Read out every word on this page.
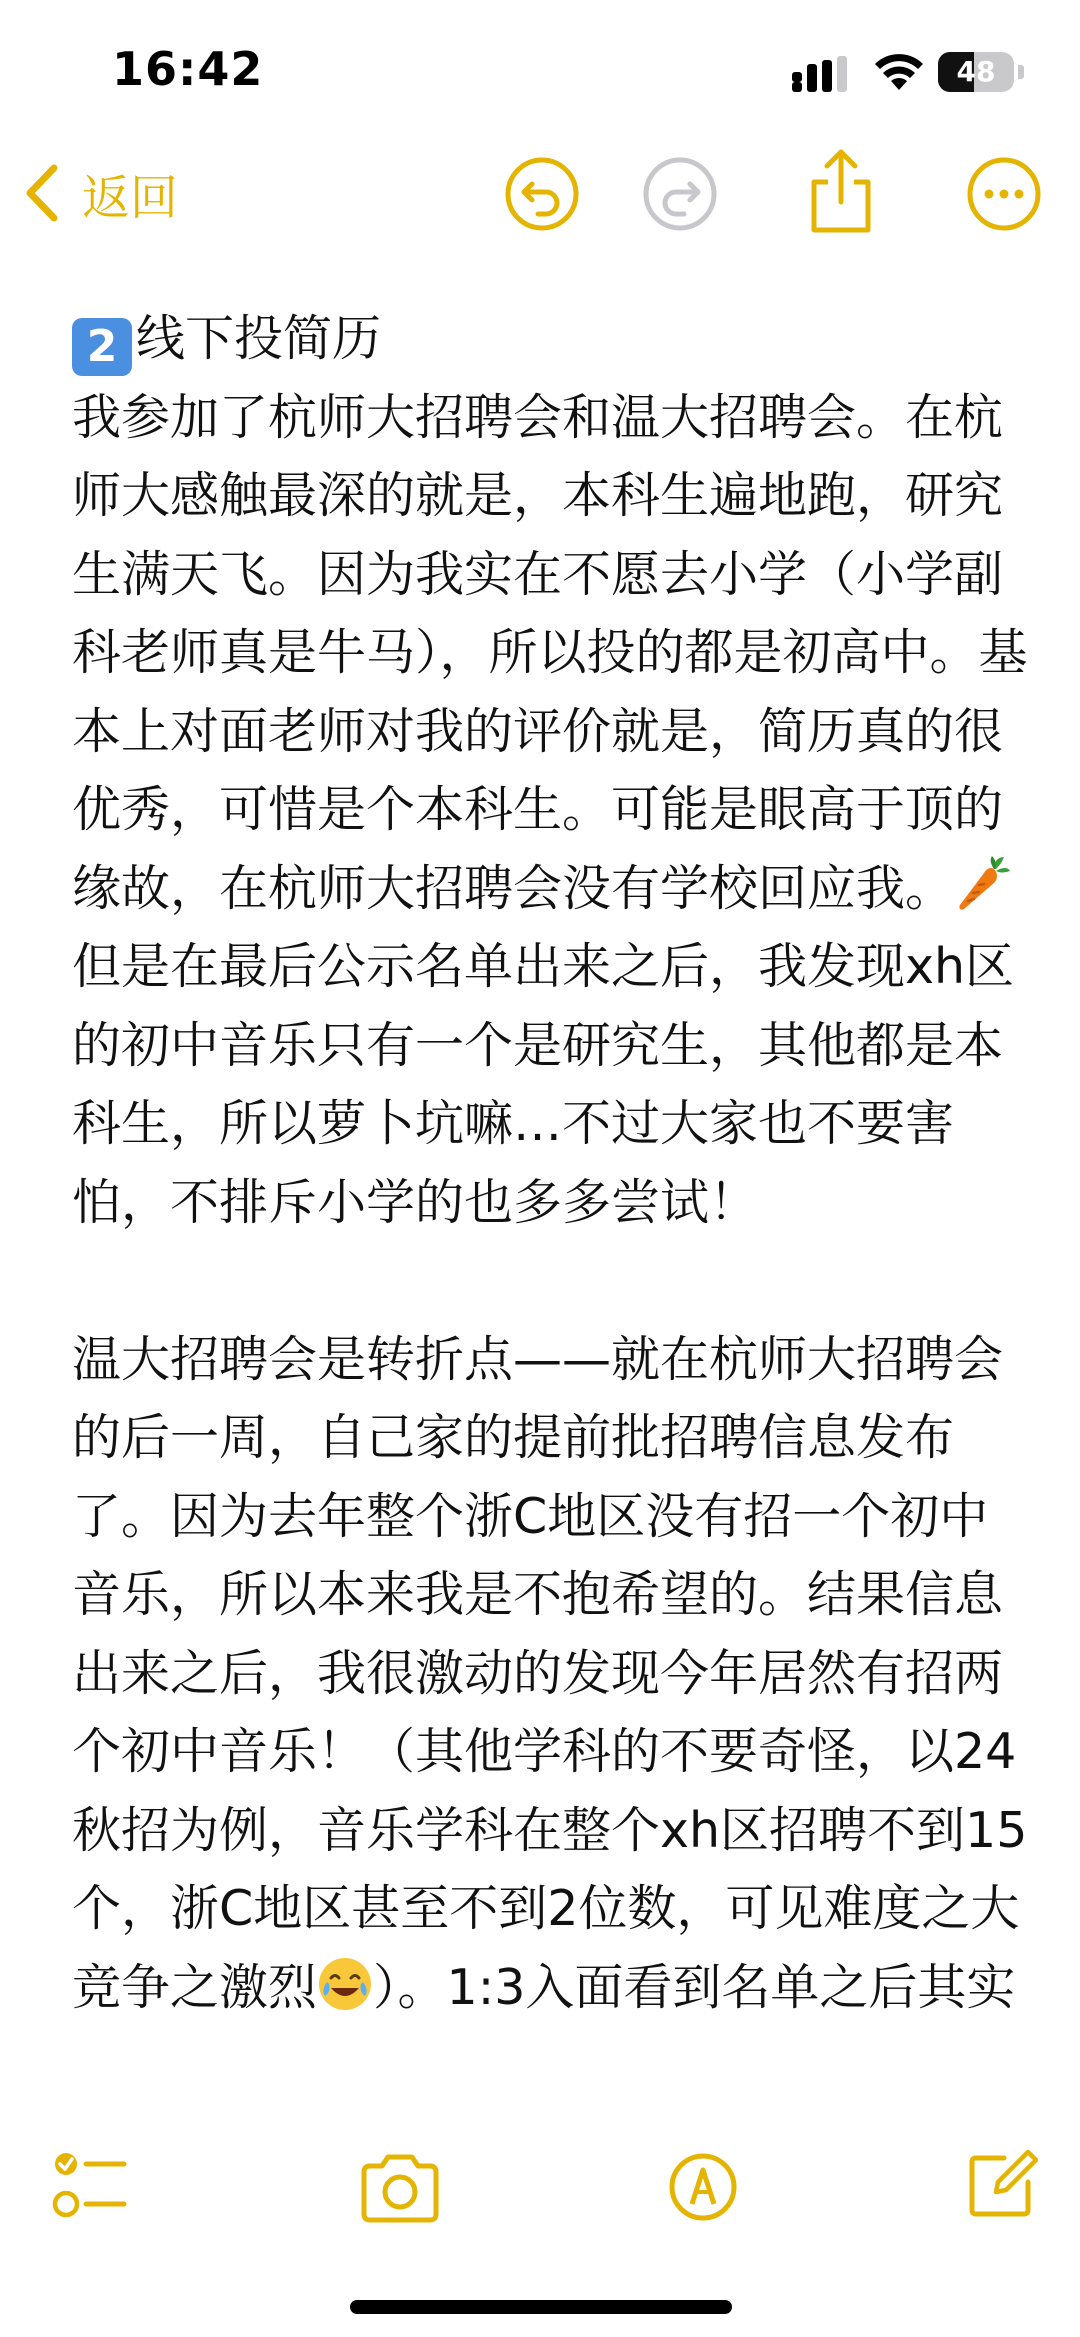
16:42	48
返回

2 线下投简历

我参加了杭师大招聘会和温大招聘会。在杭师大感触最深的就是，本科生遍地跑，研究生满天飞。因为我实在不愿去小学（小学副科老师真是牛马），所以投的都是初高中。基本上对面老师对我的评价就是，简历真的很优秀，可惜是个本科生。可能是眼高于顶的缘故，在杭师大招聘会没有学校回应我。但是在最后公示名单出来之后，我发现xh区的初中音乐只有一个是研究生，其他都是本科生，所以萝卜坑嘛…不过大家也不要害怕，不排斥小学的也多多尝试！

温大招聘会是转折点——就在杭师大招聘会的后一周，自己家的提前批招聘信息发布了。因为去年整个浙C地区没有招一个初中音乐，所以本来我是不抱希望的。结果信息出来之后，我很激动的发现今年居然有招两个初中音乐！（其他学科的不要奇怪，以24秋招为例，音乐学科在整个xh区招聘不到15个，浙C地区甚至不到2位数，可见难度之大竞争之激烈 ）。1:3入面看到名单之后其实
